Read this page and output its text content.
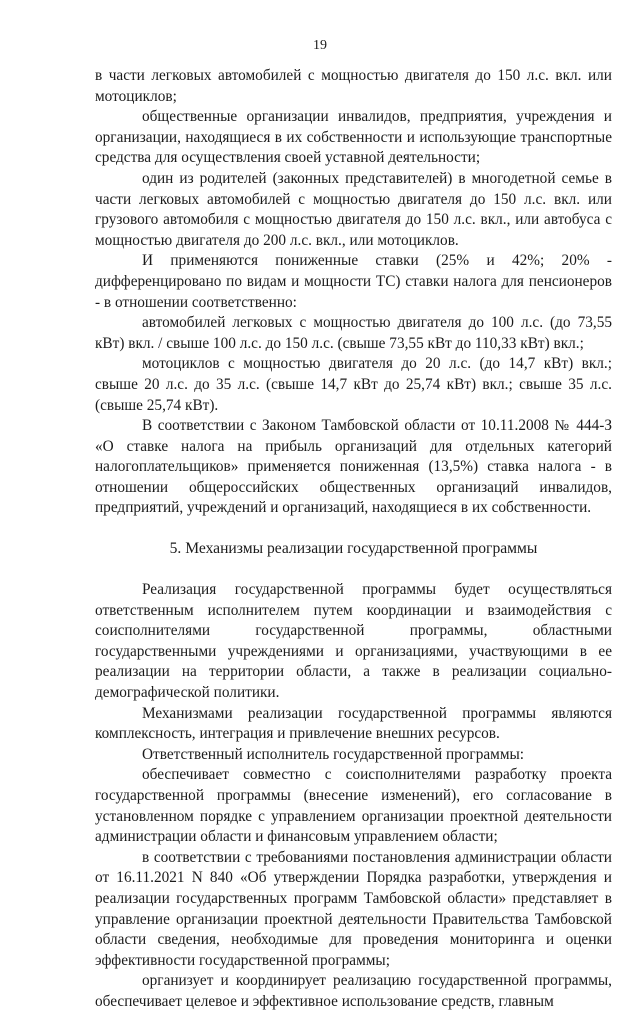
19

в части легковых автомобилей с мощностью двигателя до 150 л.с. вкл. или мотоциклов;

общественные организации инвалидов, предприятия, учреждения и организации, находящиеся в их собственности и использующие транспортные средства для осуществления своей уставной деятельности;

один из родителей (законных представителей) в многодетной семье в части легковых автомобилей с мощностью двигателя до 150 л.с. вкл. или грузового автомобиля с мощностью двигателя до 150 л.с. вкл., или автобуса с мощностью двигателя до 200 л.с. вкл., или мотоциклов.

И применяются пониженные ставки (25% и 42%; 20% - дифференцировано по видам и мощности ТС) ставки налога для пенсионеров - в отношении соответственно:

автомобилей легковых с мощностью двигателя до 100 л.с. (до 73,55 кВт) вкл. / свыше 100 л.с. до 150 л.с. (свыше 73,55 кВт до 110,33 кВт) вкл.;

мотоциклов с мощностью двигателя до 20 л.с. (до 14,7 кВт) вкл.; свыше 20 л.с. до 35 л.с. (свыше 14,7 кВт до 25,74 кВт) вкл.; свыше 35 л.с. (свыше 25,74 кВт).

В соответствии с Законом Тамбовской области от 10.11.2008 № 444-З «О ставке налога на прибыль организаций для отдельных категорий налогоплательщиков» применяется пониженная (13,5%) ставка налога - в отношении общероссийских общественных организаций инвалидов, предприятий, учреждений и организаций, находящиеся в их собственности.

5. Механизмы реализации государственной программы

Реализация государственной программы будет осуществляться ответственным исполнителем путем координации и взаимодействия с соисполнителями государственной программы, областными государственными учреждениями и организациями, участвующими в ее реализации на территории области, а также в реализации социально-демографической политики.

Механизмами реализации государственной программы являются комплексность, интеграция и привлечение внешних ресурсов.

Ответственный исполнитель государственной программы:

обеспечивает совместно с соисполнителями разработку проекта государственной программы (внесение изменений), его согласование в установленном порядке с управлением организации проектной деятельности администрации области и финансовым управлением области;

в соответствии с требованиями постановления администрации области от 16.11.2021 N 840 «Об утверждении Порядка разработки, утверждения и реализации государственных программ Тамбовской области» представляет в управление организации проектной деятельности Правительства Тамбовской области сведения, необходимые для проведения мониторинга и оценки эффективности государственной программы;

организует и координирует реализацию государственной программы, обеспечивает целевое и эффективное использование средств, главным
